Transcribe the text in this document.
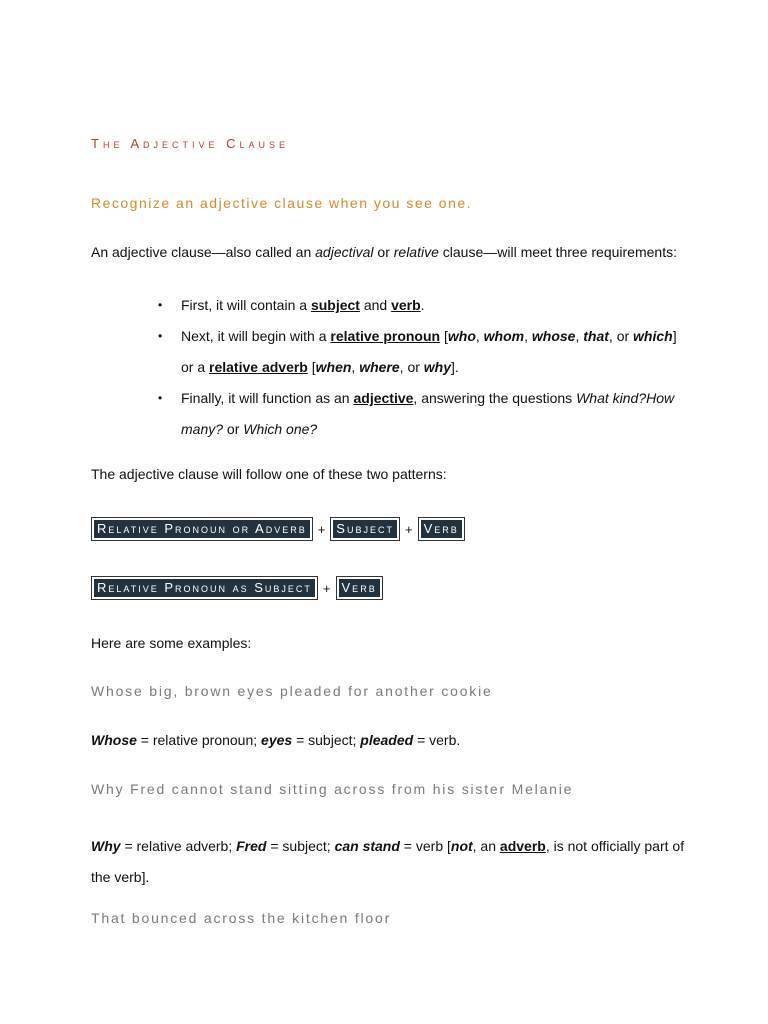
The Adjective Clause
Recognize an adjective clause when you see one.
An adjective clause—also called an adjectival or relative clause—will meet three requirements:
• First, it will contain a subject and verb.
• Next, it will begin with a relative pronoun [who, whom, whose, that, or which]
or a relative adverb [when, where, or why].
• Finally, it will function as an adjective, answering the questions What kind?How
many? or Which one?
The adjective clause will follow one of these two patterns:
Relative Pronoun or Adverb + Subject + Verb
Relative Pronoun as Subject + Verb
Here are some examples:
Whose big, brown eyes pleaded for another cookie
Whose = relative pronoun; eyes = subject; pleaded = verb.
Why Fred cannot stand sitting across from his sister Melanie
Why = relative adverb; Fred = subject; can stand = verb [not, an adverb, is not officially part of
the verb].
That bounced across the kitchen floor
